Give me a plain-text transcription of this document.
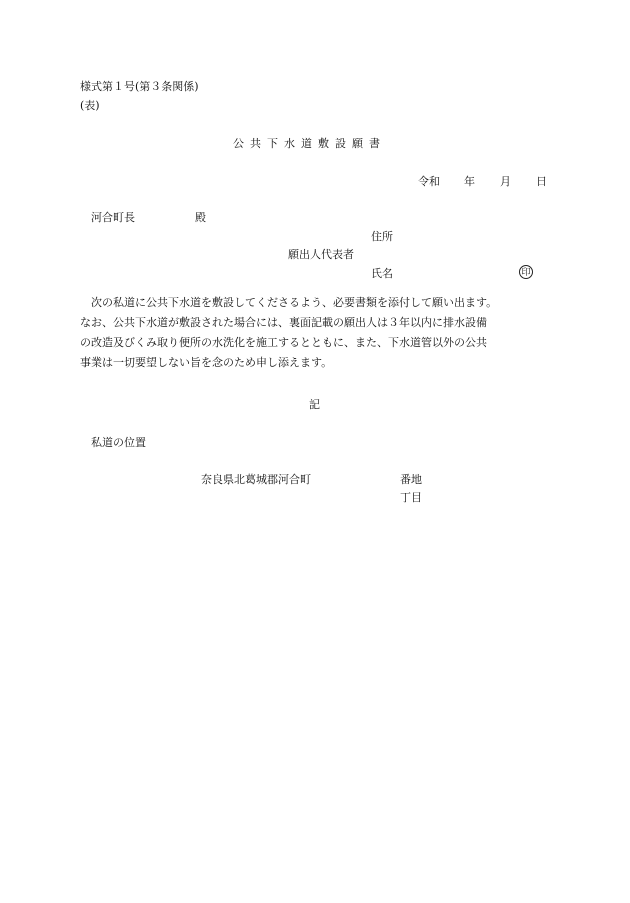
様式第１号(第３条関係)
(表)
公共下水道敷設願書
令和 年 月 日
河合町長	殿
住所
願出人代表者
氏名	印
　次の私道に公共下水道を敷設してくださるよう、必要書類を添付して願い出ます。
なお、公共下水道が敷設された場合には、裏面記載の願出人は３年以内に排水設備
の改造及びくみ取り便所の水洗化を施工するとともに、また、下水道管以外の公共
事業は一切要望しない旨を念のため申し添えます。
記
私道の位置
奈良県北葛城郡河合町	番地
丁目
